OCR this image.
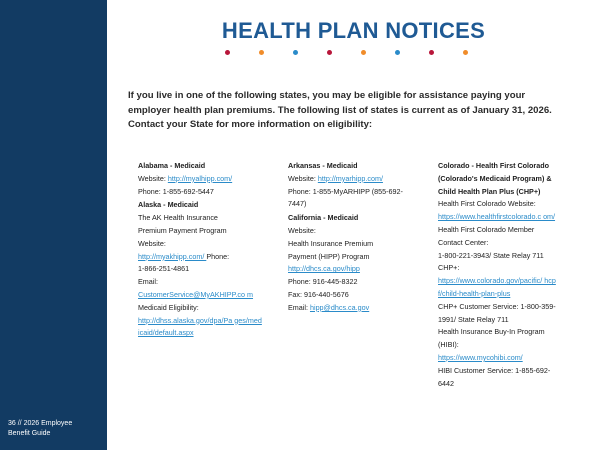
36 // 2026 Employee
Benefit Guide
HEALTH PLAN NOTICES

If you live in one of the following states, you may be eligible for assistance paying your employer health plan premiums. The following list of states is current as of January 31, 2026. Contact your State for more information on eligibility:

Alabama - Medicaid
Website: http://myalhipp.com/
Phone: 1-855-692-5447
Alaska - Medicaid
The AK Health Insurance
Premium Payment Program
Website:
http://myakhipp.com/ Phone:
1-866-251-4861
Email:
CustomerService@MyAKHIPP.co m
Medicaid Eligibility:
http://dhss.alaska.gov/dpa/Pa ges/medicaid/default.aspx
Arkansas - Medicaid
Website: http://myarhipp.com/
Phone: 1-855-MyARHIPP (855-692-7447)
California - Medicaid
Website:
Health Insurance Premium
Payment (HIPP) Program
http://dhcs.ca.gov/hipp
Phone: 916-445-8322
Fax: 916-440-5676
Email: hipp@dhcs.ca.gov
Colorado - Health First Colorado (Colorado's Medicaid Program) & Child Health Plan Plus (CHP+)
Health First Colorado Website:
https://www.healthfirstcolorado.c om/
Health First Colorado Member Contact Center:
1-800-221-3943/ State Relay 711
CHP+:
https://www.colorado.gov/pacific/ hcpf/child-health-plan-plus
CHP+ Customer Service: 1-800-359-1991/ State Relay 711
Health Insurance Buy-In Program (HIBI):
https://www.mycohibi.com/
HIBI Customer Service: 1-855-692-6442
